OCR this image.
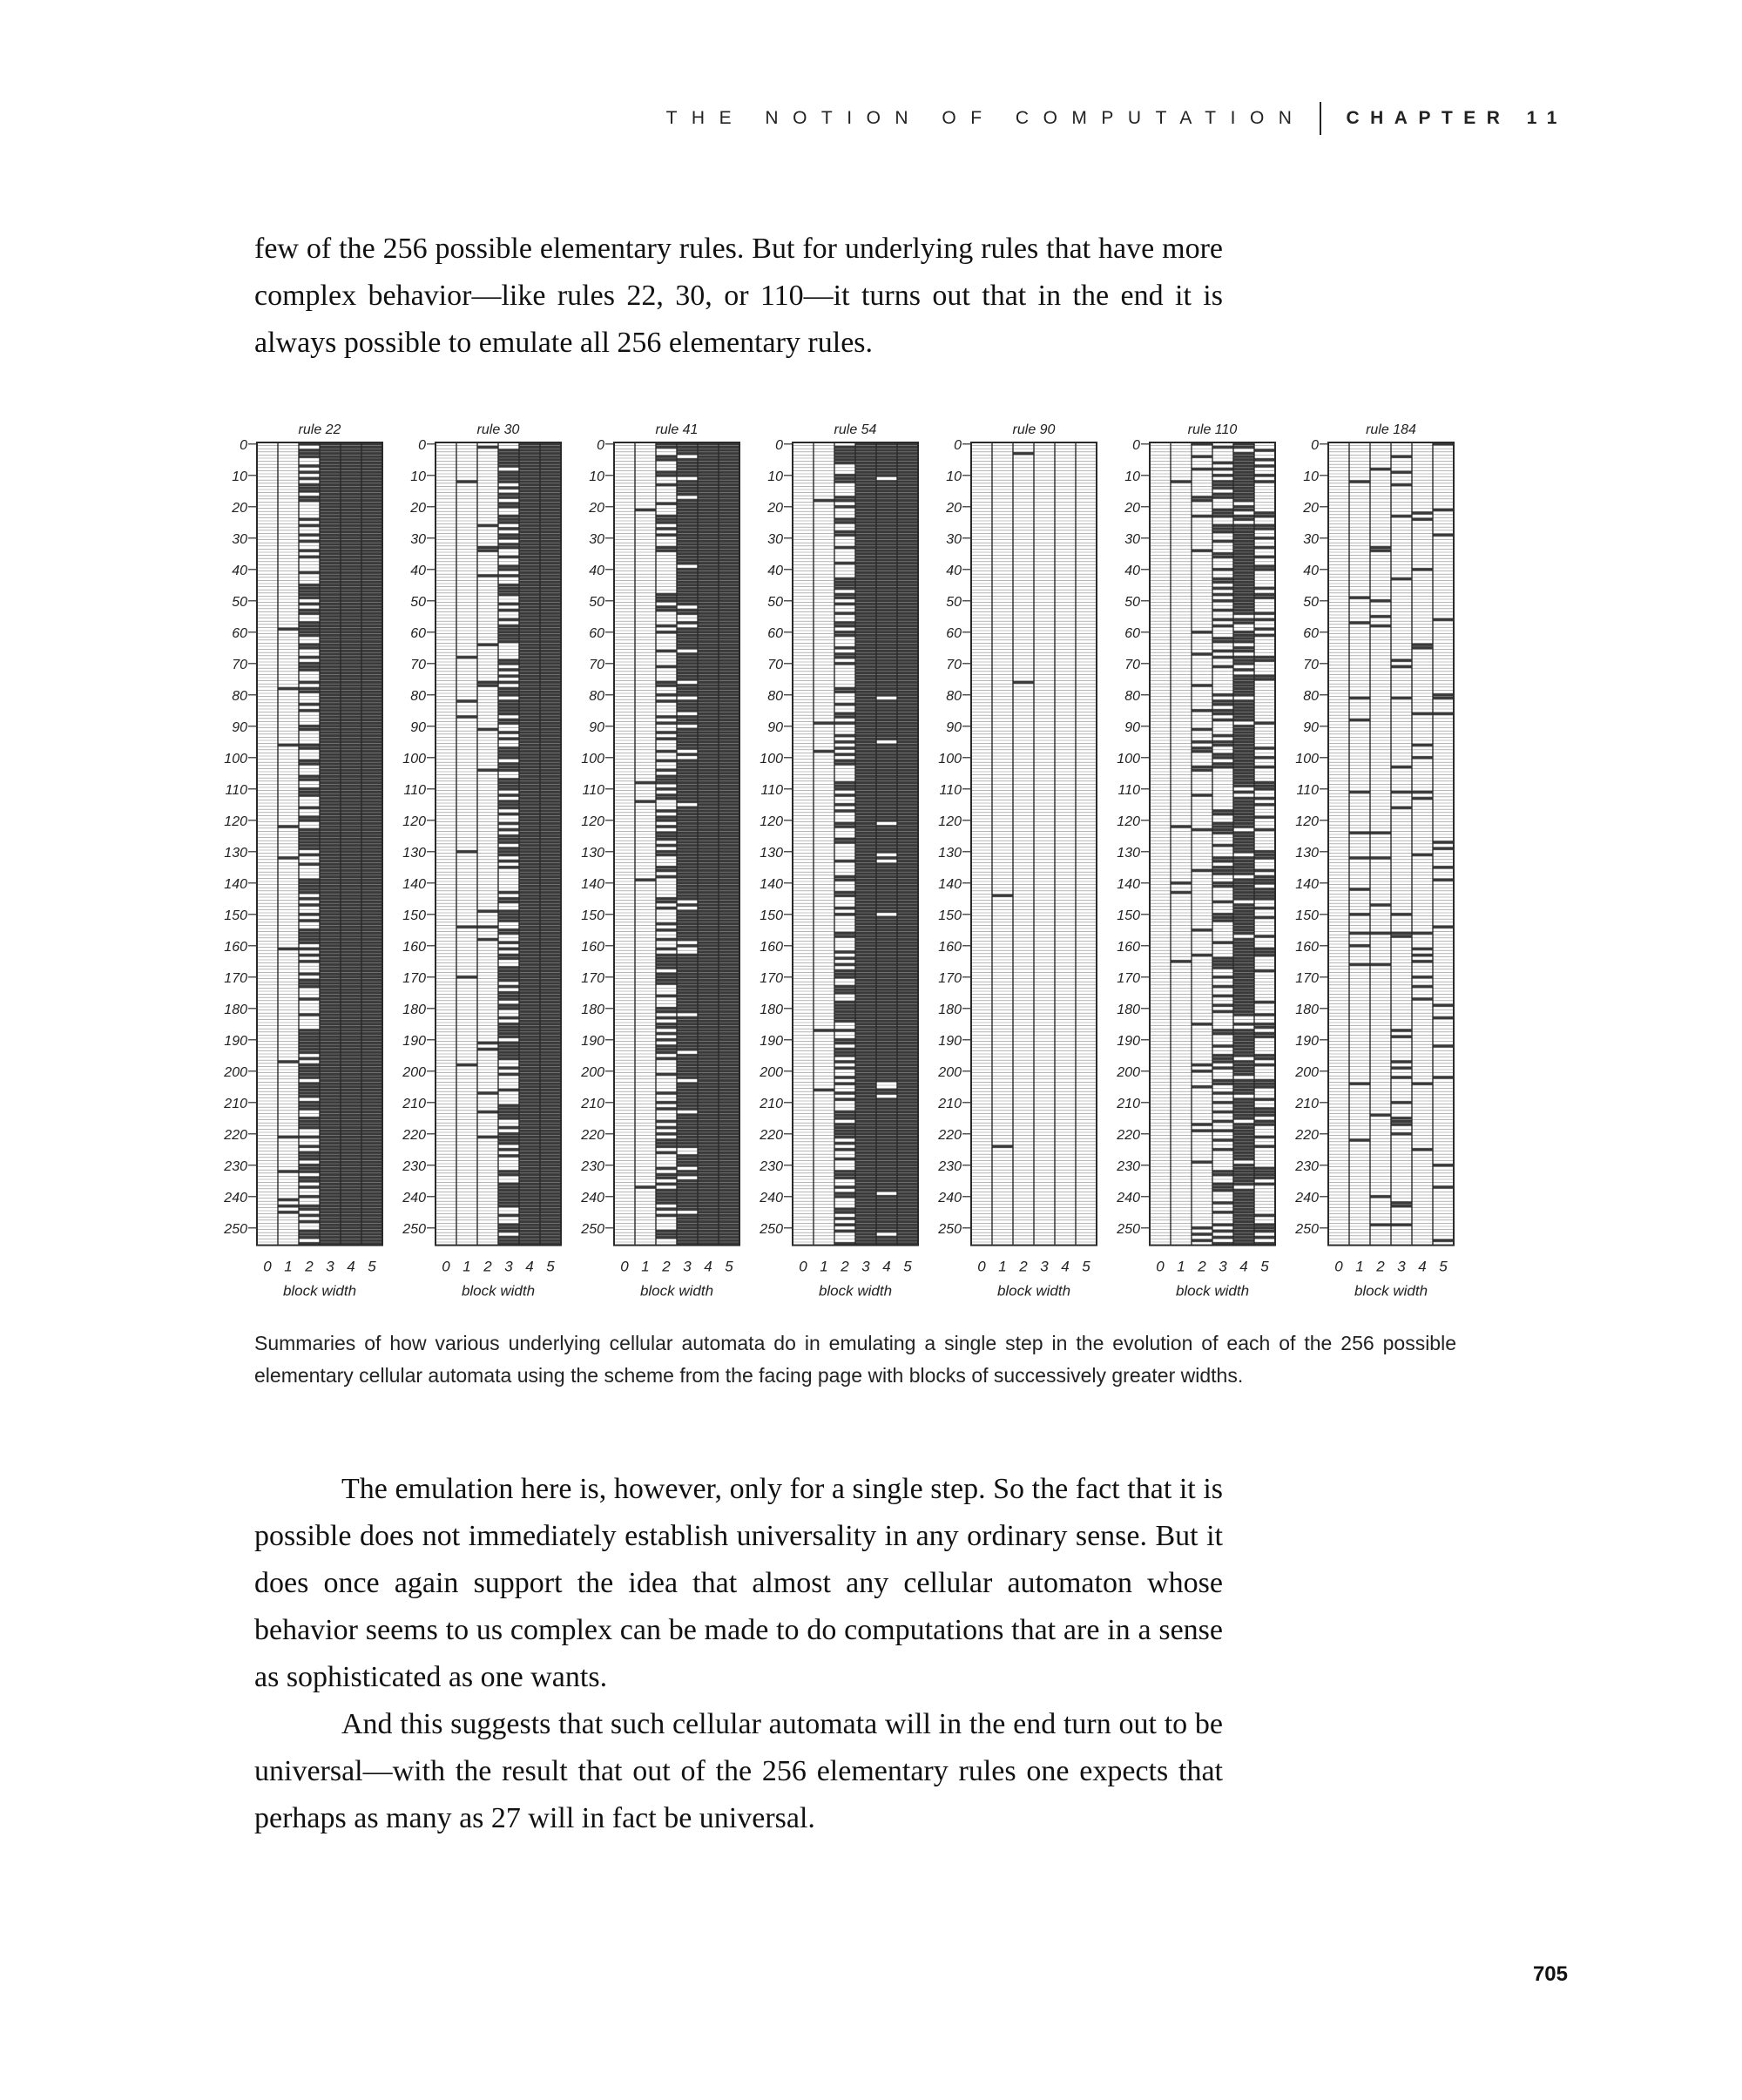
THE NOTION OF COMPUTATION CHAPTER 11

few of the 256 possible elementary rules. But for underlying rules that have more complex behavior—like rules 22, 30, or 110—it turns out that in the end it is always possible to emulate all 256 elementary rules.

rule 22
0
10
20
30
40
50
60
70
80
90
100
110
120
130
140
150
160
170
180
190
200
210
220
230
240
250
0 1 2 3 4 5
block width
rule 30
0
10
20
30
40
50
60
70
80
90
100
110
120
130
140
150
160
170
180
190
200
210
220
230
240
250
0 1 2 3 4 5
block width
rule 41
0
10
20
30
40
50
60
70
80
90
100
110
120
130
140
150
160
170
180
190
200
210
220
230
240
250
0 1 2 3 4 5
block width
rule 54
0
10
20
30
40
50
60
70
80
90
100
110
120
130
140
150
160
170
180
190
200
210
220
230
240
250
0 1 2 3 4 5
block width
rule 90
0
10
20
30
40
50
60
70
80
90
100
110
120
130
140
150
160
170
180
190
200
210
220
230
240
250
0 1 2 3 4 5
block width
rule 110
0
10
20
30
40
50
60
70
80
90
100
110
120
130
140
150
160
170
180
190
200
210
220
230
240
250
0 1 2 3 4 5
block width
rule 184
0
10
20
30
40
50
60
70
80
90
100
110
120
130
140
150
160
170
180
190
200
210
220
230
240
250
0 1 2 3 4 5
block width

Summaries of how various underlying cellular automata do in emulating a single step in the evolution of each of the 256 possible elementary cellular automata using the scheme from the facing page with blocks of successively greater widths.

The emulation here is, however, only for a single step. So the fact that it is possible does not immediately establish universality in any ordinary sense. But it does once again support the idea that almost any cellular automaton whose behavior seems to us complex can be made to do computations that are in a sense as sophisticated as one wants.

And this suggests that such cellular automata will in the end turn out to be universal—with the result that out of the 256 elementary rules one expects that perhaps as many as 27 will in fact be universal.

705
